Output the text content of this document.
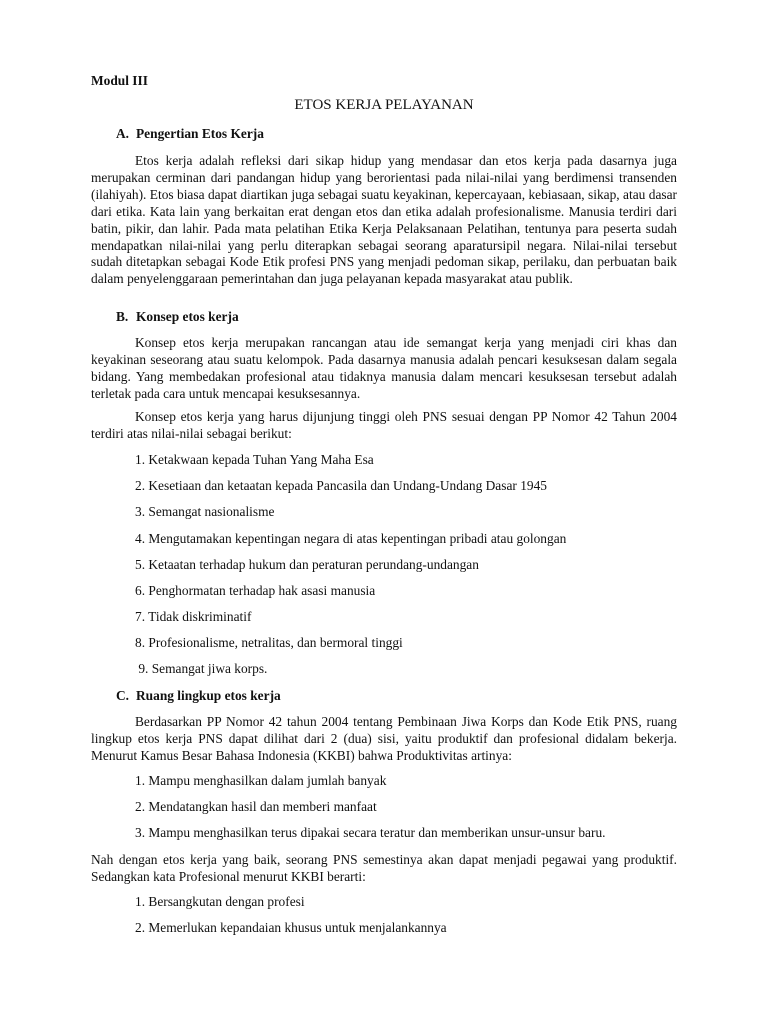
Modul III
ETOS KERJA PELAYANAN
A. Pengertian Etos Kerja

Etos kerja adalah refleksi dari sikap hidup yang mendasar dan etos kerja pada dasarnya juga merupakan cerminan dari pandangan hidup yang berorientasi pada nilai-nilai yang berdimensi transenden (ilahiyah). Etos biasa dapat diartikan juga sebagai suatu keyakinan, kepercayaan, kebiasaan, sikap, atau dasar dari etika. Kata lain yang berkaitan erat dengan etos dan etika adalah profesionalisme. Manusia terdiri dari batin, pikir, dan lahir. Pada mata pelatihan Etika Kerja Pelaksanaan Pelatihan, tentunya para peserta sudah mendapatkan nilai-nilai yang perlu diterapkan sebagai seorang aparatursipil negara. Nilai-nilai tersebut sudah ditetapkan sebagai Kode Etik profesi PNS yang menjadi pedoman sikap, perilaku, dan perbuatan baik dalam penyelenggaraan pemerintahan dan juga pelayanan kepada masyarakat atau publik.

B. Konsep etos kerja

Konsep etos kerja merupakan rancangan atau ide semangat kerja yang menjadi ciri khas dan keyakinan seseorang atau suatu kelompok. Pada dasarnya manusia adalah pencari kesuksesan dalam segala bidang. Yang membedakan profesional atau tidaknya manusia dalam mencari kesuksesan tersebut adalah terletak pada cara untuk mencapai kesuksesannya.

Konsep etos kerja yang harus dijunjung tinggi oleh PNS sesuai dengan PP Nomor 42 Tahun 2004 terdiri atas nilai-nilai sebagai berikut:

1. Ketakwaan kepada Tuhan Yang Maha Esa
2. Kesetiaan dan ketaatan kepada Pancasila dan Undang-Undang Dasar 1945
3. Semangat nasionalisme
4. Mengutamakan kepentingan negara di atas kepentingan pribadi atau golongan
5. Ketaatan terhadap hukum dan peraturan perundang-undangan
6. Penghormatan terhadap hak asasi manusia
7. Tidak diskriminatif
8. Profesionalisme, netralitas, dan bermoral tinggi
9. Semangat jiwa korps.
C. Ruang lingkup etos kerja

Berdasarkan PP Nomor 42 tahun 2004 tentang Pembinaan Jiwa Korps dan Kode Etik PNS, ruang lingkup etos kerja PNS dapat dilihat dari 2 (dua) sisi, yaitu produktif dan profesional didalam bekerja. Menurut Kamus Besar Bahasa Indonesia (KKBI) bahwa Produktivitas artinya:

1. Mampu menghasilkan dalam jumlah banyak
2. Mendatangkan hasil dan memberi manfaat
3. Mampu menghasilkan terus dipakai secara teratur dan memberikan unsur-unsur baru.

Nah dengan etos kerja yang baik, seorang PNS semestinya akan dapat menjadi pegawai yang produktif. Sedangkan kata Profesional menurut KKBI berarti:

1. Bersangkutan dengan profesi
2. Memerlukan kepandaian khusus untuk menjalankannya
